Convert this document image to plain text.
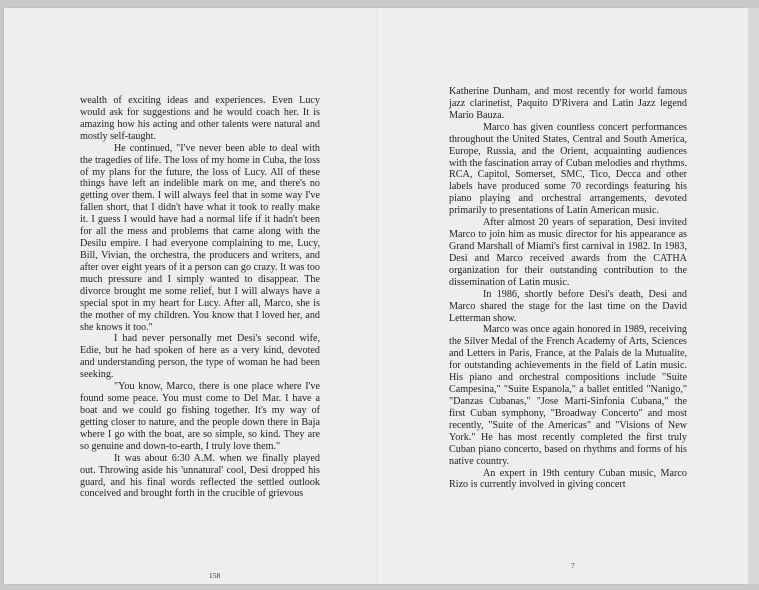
wealth of exciting ideas and experiences. Even Lucy would ask for suggestions and he would coach her. It is amazing how his acting and other talents were natural and mostly self-taught.

He continued, "I've never been able to deal with the tragedies of life. The loss of my home in Cuba, the loss of my plans for the future, the loss of Lucy. All of these things have left an indelible mark on me, and there's no getting over them. I will always feel that in some way I've fallen short, that I didn't have what it took to really make it. I guess I would have had a normal life if it hadn't been for all the mess and problems that came along with the Desilu empire. I had everyone complaining to me, Lucy, Bill, Vivian, the orchestra, the producers and writers, and after over eight years of it a person can go crazy. It was too much pressure and I simply wanted to disappear. The divorce brought me some relief, but I will always have a special spot in my heart for Lucy. After all, Marco, she is the mother of my children. You know that I loved her, and she knows it too."

I had never personally met Desi's second wife, Edie, but he had spoken of here as a very kind, devoted and understanding person, the type of woman he had been seeking.

"You know, Marco, there is one place where I've found some peace. You must come to Del Mar. I have a boat and we could go fishing together. It's my way of getting closer to nature, and the people down there in Baja where I go with the boat, are so simple, so kind. They are so genuine and down-to-earth, I truly love them."

It was about 6:30 A.M. when we finally played out. Throwing aside his 'unnatural' cool, Desi dropped his guard, and his final words reflected the settled outlook conceived and brought forth in the crucible of grievous

Katherine Dunham, and most recently for world famous jazz clarinetist, Paquito D'Rivera and Latin Jazz legend Mario Bauza.

Marco has given countless concert performances throughout the United States, Central and South America, Europe, Russia, and the Orient, acquainting audiences with the fascination array of Cuban melodies and rhythms. RCA, Capitol, Somerset, SMC, Tico, Decca and other labels have produced some 70 recordings featuring his piano playing and orchestral arrangements, devoted primarily to presentations of Latin American music.

After almost 20 years of separation, Desi invited Marco to join him as music director for his appearance as Grand Marshall of Miami's first carnival in 1982. In 1983, Desi and Marco received awards from the CATHA organization for their outstanding contribution to the dissemination of Latin music.

In 1986, shortly before Desi's death, Desi and Marco shared the stage for the last time on the David Letterman show.

Marco was once again honored in 1989, receiving the Silver Medal of the French Academy of Arts, Sciences and Letters in Paris, France, at the Palais de la Mutualite, for outstanding achievements in the field of Latin music. His piano and orchestral compositions include "Suite Campesina," "Suite Espanola," a ballet entitled "Nanigo," "Danzas Cubanas," "Jose Marti-Sinfonia Cubana," the first Cuban symphony, "Broadway Concerto" and most recently, "Suite of the Americas" and "Visions of New York." He has most recently completed the first truly Cuban piano concerto, based on rhythms and forms of his native country.

An expert in 19th century Cuban music, Marco Rizo is currently involved in giving concert

158
7
